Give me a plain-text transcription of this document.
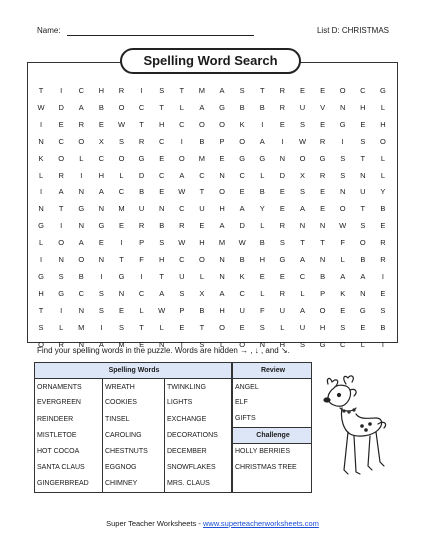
Name:	List D: CHRISTMAS
Spelling Word Search
T	I	C	H	R	I	S	T	M	A	S	T	R	E	E	O	C	G
W	D	A	B	O	C	T	L	A	G	B	B	R	U	V	N	H	L
I	E	R	E	W	T	H	C	O	O	K	I	E	S	E	G	E	H
N	C	O	X	S	R	C	I	B	P	O	A	I	W	R	I	S	O
K	O	L	C	O	G	E	O	M	E	G	G	N	O	G	S	T	L
L	R	I	H	L	D	C	A	C	N	C	L	D	X	R	S	N	L
I	A	N	A	C	B	E	W	T	O	E	B	E	S	E	N	U	Y
N	T	G	N	M	U	N	C	U	H	A	Y	E	A	E	O	T	B
G	I	N	G	E	R	B	R	E	A	D	L	R	N	N	W	S	E
L	O	A	E	I	P	S	W	H	M	W	B	S	T	T	F	O	R
I	N	O	N	T	F	H	C	O	N	B	H	G	A	N	L	B	R
G	S	B	I	G	I	T	U	L	N	K	E	E	C	B	A	A	I
H	G	C	S	N	C	A	S	X	A	C	L	R	L	P	K	N	E
T	I	N	S	E	L	W	P	B	H	U	F	U	A	O	E	G	S
S	L	M	I	S	T	L	E	T	O	E	S	L	U	H	S	E	B
O	R	N	A	M	E	N	T	S	L	O	N	H	S	G	C	L	I
Find your spelling words in the puzzle. Words are hidden → , ↓ , and ↘.
Spelling Words		
ORNAMENTS	WREATH	TWINKLING
EVERGREEN	COOKIES	LIGHTS
REINDEER	TINSEL	EXCHANGE
MISTLETOE	CAROLING	DECORATIONS
HOT COCOA	CHESTNUTS	DECEMBER
SANTA CLAUS	EGGNOG	SNOWFLAKES
GINGERBREAD	CHIMNEY	MRS. CLAUS
Review
ANGEL
ELF
GIFTS
Challenge
HOLLY BERRIES
CHRISTMAS TREE

Super Teacher Worksheets - www.superteacherworksheets.com
